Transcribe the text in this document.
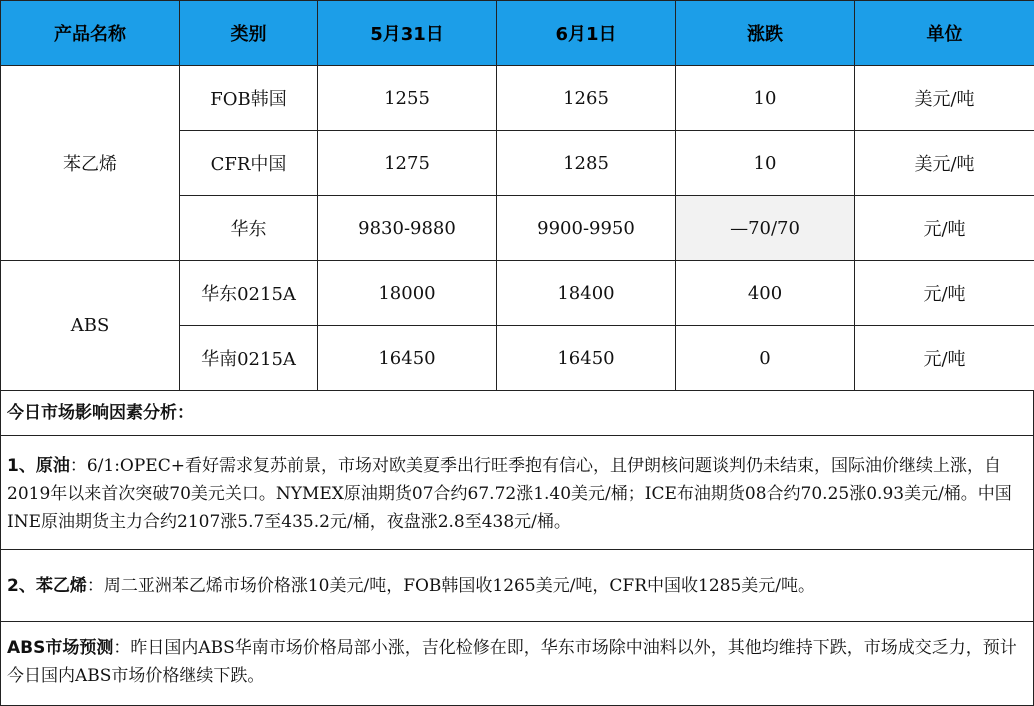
产品名称	类别	5月31日	6月1日	涨跌	单位
苯乙烯	FOB韩国	1255	1265	10	美元/吨
	CFR中国	1275	1285	10	美元/吨
	华东	9830-9880	9900-9950	—70/70	元/吨
ABS	华东0215A	18000	18400	400	元/吨
	华南0215A	16450	16450	0	元/吨
今日市场影响因素分析：
1、原油：6/1:OPEC+看好需求复苏前景，市场对欧美夏季出行旺季抱有信心，且伊朗核问题谈判仍未结束，国际油价继续上涨，自2019年以来首次突破70美元关口。NYMEX原油期货07合约67.72涨1.40美元/桶；ICE布油期货08合约70.25涨0.93美元/桶。中国INE原油期货主力合约2107涨5.7至435.2元/桶，夜盘涨2.8至438元/桶。
2、苯乙烯：周二亚洲苯乙烯市场价格涨10美元/吨，FOB韩国收1265美元/吨，CFR中国收1285美元/吨。
ABS市场预测：昨日国内ABS华南市场价格局部小涨，吉化检修在即，华东市场除中油料以外，其他均维持下跌，市场成交乏力，预计今日国内ABS市场价格继续下跌。
